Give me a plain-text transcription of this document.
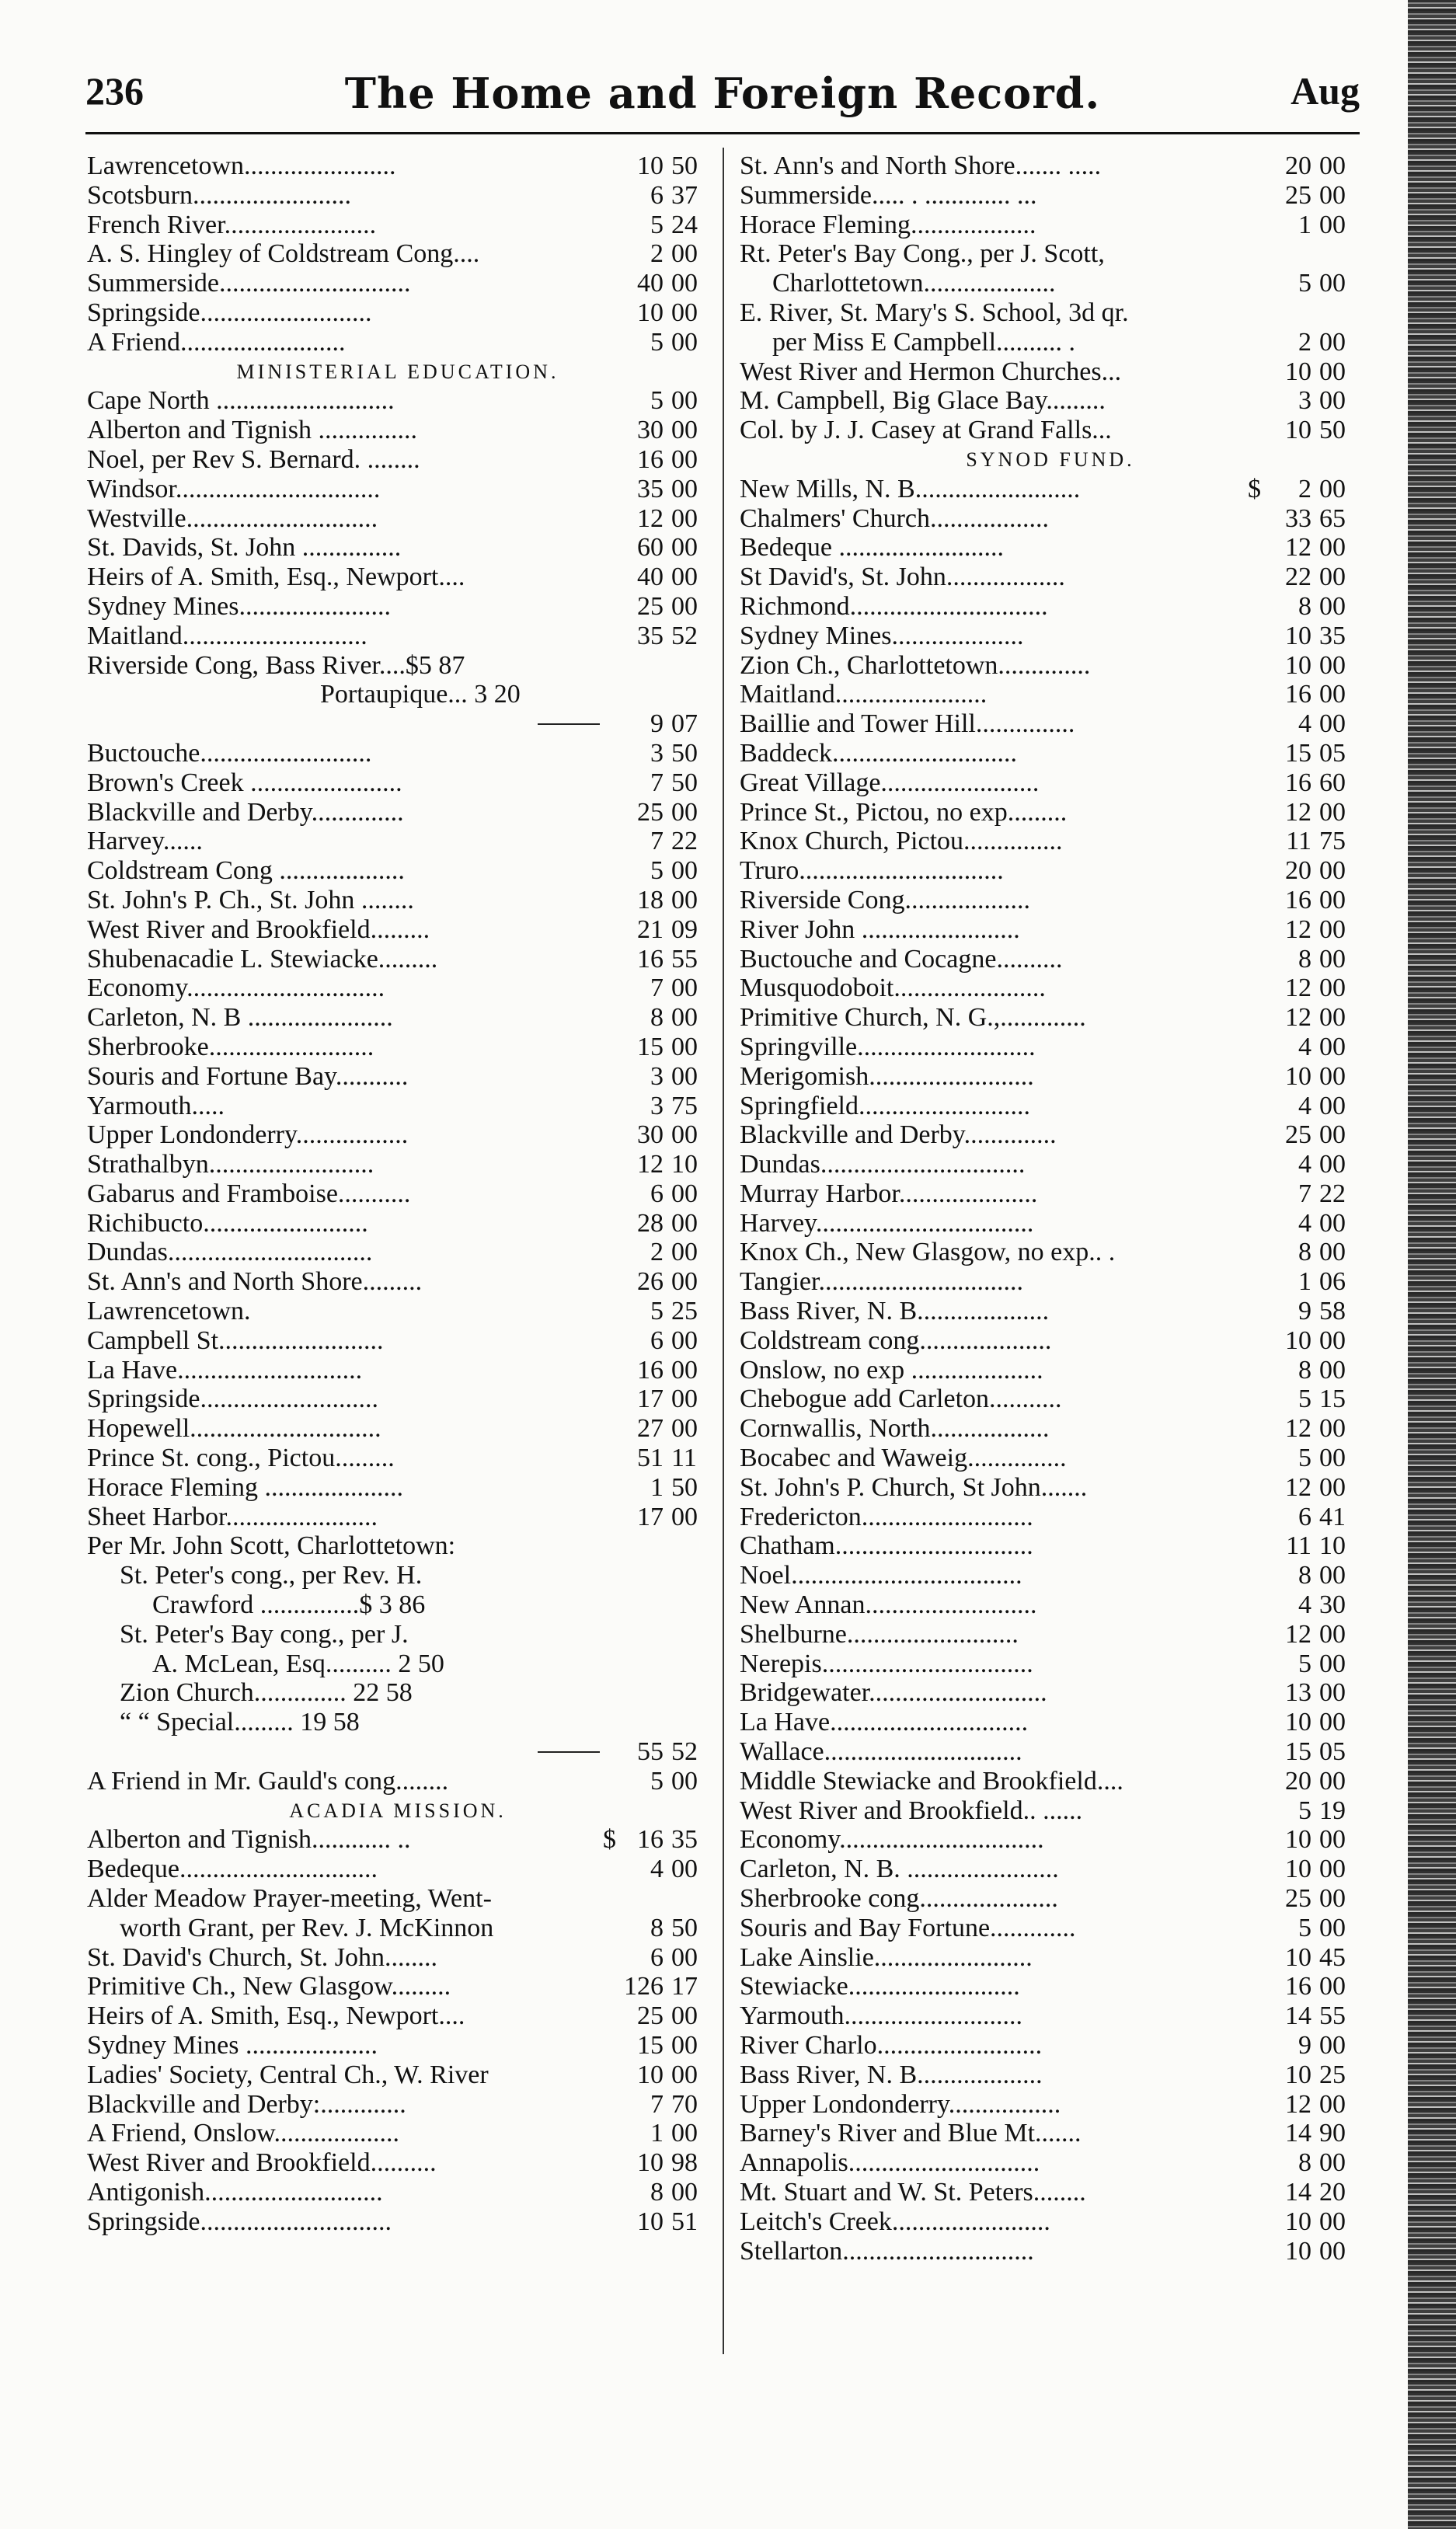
236	The Home and Foreign Record.	Aug
Lawrencetown.......................	10 50
Scotsburn........................	6 37
French River.......................	5 24
A. S. Hingley of Coldstream Cong....	2 00
Summerside.............................	40 00
Springside..........................	10 00
A Friend.........................	5 00
MINISTERIAL EDUCATION.
Cape North ...........................	5 00
Alberton and Tignish ...............	30 00
Noel, per Rev S. Bernard. ........	16 00
Windsor...............................	35 00
Westville.............................	12 00
St. Davids, St. John ...............	60 00
Heirs of A. Smith, Esq., Newport....	40 00
Sydney Mines.......................	25 00
Maitland............................	35 52
Riverside Cong, Bass River....$5 87
Portaupique... 3 20
9 07
Buctouche..........................	3 50
Brown's Creek .......................	7 50
Blackville and Derby..............	25 00
Harvey......	7 22
Coldstream Cong ...................	5 00
St. John's P. Ch., St. John ........	18 00
West River and Brookfield.........	21 09
Shubenacadie L. Stewiacke.........	16 55
Economy..............................	7 00
Carleton, N. B ......................	8 00
Sherbrooke.........................	15 00
Souris and Fortune Bay...........	3 00
Yarmouth.....	3 75
Upper Londonderry.................	30 00
Strathalbyn.........................	12 10
Gabarus and Framboise...........	6 00
Richibucto.........................	28 00
Dundas...............................	2 00
St. Ann's and North Shore.........	26 00
Lawrencetown.	5 25
Campbell St.........................	6 00
La Have............................	16 00
Springside...........................	17 00
Hopewell.............................	27 00
Prince St. cong., Pictou.........	51 11
Horace Fleming .....................	1 50
Sheet Harbor.......................	17 00
Per Mr. John Scott, Charlottetown:
St. Peter's cong., per Rev. H.
Crawford ...............$ 3 86
St. Peter's Bay cong., per J.
A. McLean, Esq.......... 2 50
Zion Church.............. 22 58
“ “ Special......... 19 58
55 52
A Friend in Mr. Gauld's cong........	5 00
ACADIA MISSION.
Alberton and Tignish............ ..	$ 16 35
Bedeque..............................	4 00
Alder Meadow Prayer-meeting, Went-
worth Grant, per Rev. J. McKinnon	8 50
St. David's Church, St. John........	6 00
Primitive Ch., New Glasgow.........	126 17
Heirs of A. Smith, Esq., Newport....	25 00
Sydney Mines ....................	15 00
Ladies' Society, Central Ch., W. River	10 00
Blackville and Derby:.............	7 70
A Friend, Onslow...................	1 00
West River and Brookfield..........	10 98
Antigonish...........................	8 00
Springside.............................	10 51
St. Ann's and North Shore....... .....	20 00
Summerside..... . ............. ...	25 00
Horace Fleming...................	1 00
Rt. Peter's Bay Cong., per J. Scott,
Charlottetown....................	5 00
E. River, St. Mary's S. School, 3d qr.
per Miss E Campbell.......... .	2 00
West River and Hermon Churches...	10 00
M. Campbell, Big Glace Bay.........	3 00
Col. by J. J. Casey at Grand Falls...	10 50
SYNOD FUND.
New Mills, N. B.........................	$ 2 00
Chalmers' Church..................	33 65
Bedeque .........................	12 00
St David's, St. John..................	22 00
Richmond..............................	8 00
Sydney Mines....................	10 35
Zion Ch., Charlottetown..............	10 00
Maitland.......................	16 00
Baillie and Tower Hill...............	4 00
Baddeck............................	15 05
Great Village........................	16 60
Prince St., Pictou, no exp.........	12 00
Knox Church, Pictou...............	11 75
Truro...............................	20 00
Riverside Cong...................	16 00
River John ........................	12 00
Buctouche and Cocagne..........	8 00
Musquodoboit.......................	12 00
Primitive Church, N. G.,.............	12 00
Springville...........................	4 00
Merigomish.........................	10 00
Springfield..........................	4 00
Blackville and Derby..............	25 00
Dundas...............................	4 00
Murray Harbor.....................	7 22
Harvey.................................	4 00
Knox Ch., New Glasgow, no exp.. .	8 00
Tangier...............................	1 06
Bass River, N. B....................	9 58
Coldstream cong....................	10 00
Onslow, no exp ....................	8 00
Chebogue add Carleton...........	5 15
Cornwallis, North..................	12 00
Bocabec and Waweig...............	5 00
St. John's P. Church, St John.......	12 00
Fredericton..........................	6 41
Chatham..............................	11 10
Noel...................................	8 00
New Annan..........................	4 30
Shelburne..........................	12 00
Nerepis................................	5 00
Bridgewater...........................	13 00
La Have..............................	10 00
Wallace..............................	15 05
Middle Stewiacke and Brookfield....	20 00
West River and Brookfield.. ......	5 19
Economy...............................	10 00
Carleton, N. B. .......................	10 00
Sherbrooke cong.....................	25 00
Souris and Bay Fortune.............	5 00
Lake Ainslie........................	10 45
Stewiacke..........................	16 00
Yarmouth...........................	14 55
River Charlo.........................	9 00
Bass River, N. B...................	10 25
Upper Londonderry.................	12 00
Barney's River and Blue Mt.......	14 90
Annapolis.............................	8 00
Mt. Stuart and W. St. Peters........	14 20
Leitch's Creek........................	10 00
Stellarton.............................	10 00
